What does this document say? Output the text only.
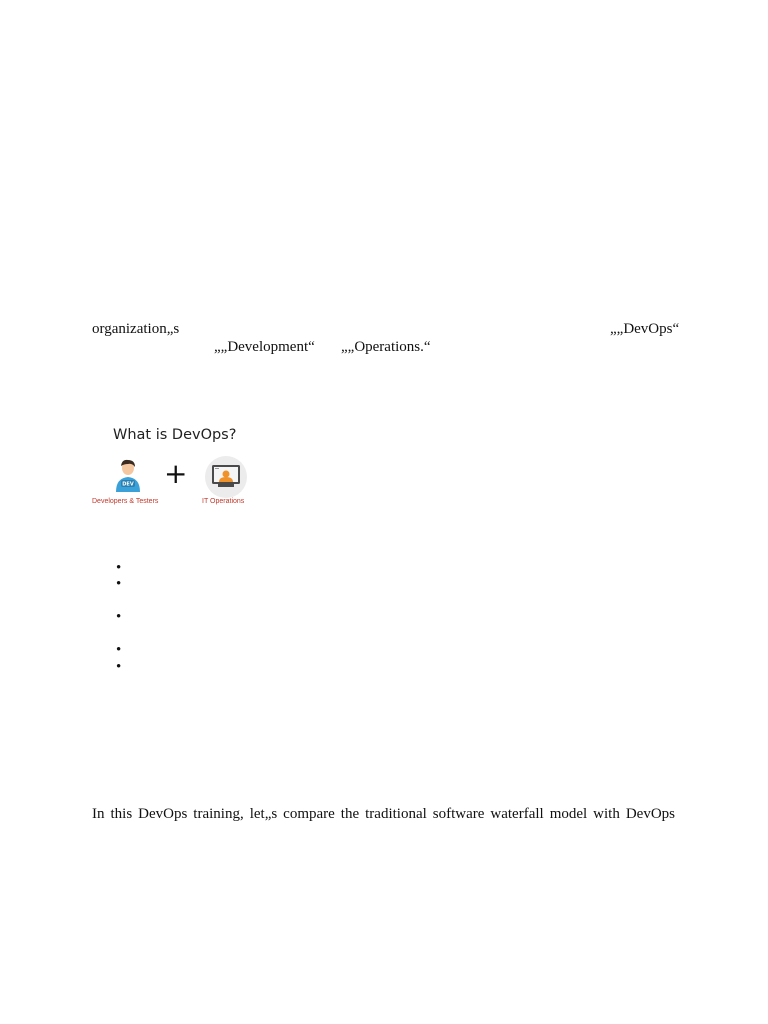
organization„s	„„DevOps“
„„Development“ „„Operations.“
What is DevOps?
DEV +
Developers & Testers	IT Operations
•
•
•
•
•
In this DevOps training, let„s compare the traditional software waterfall model with DevOps
